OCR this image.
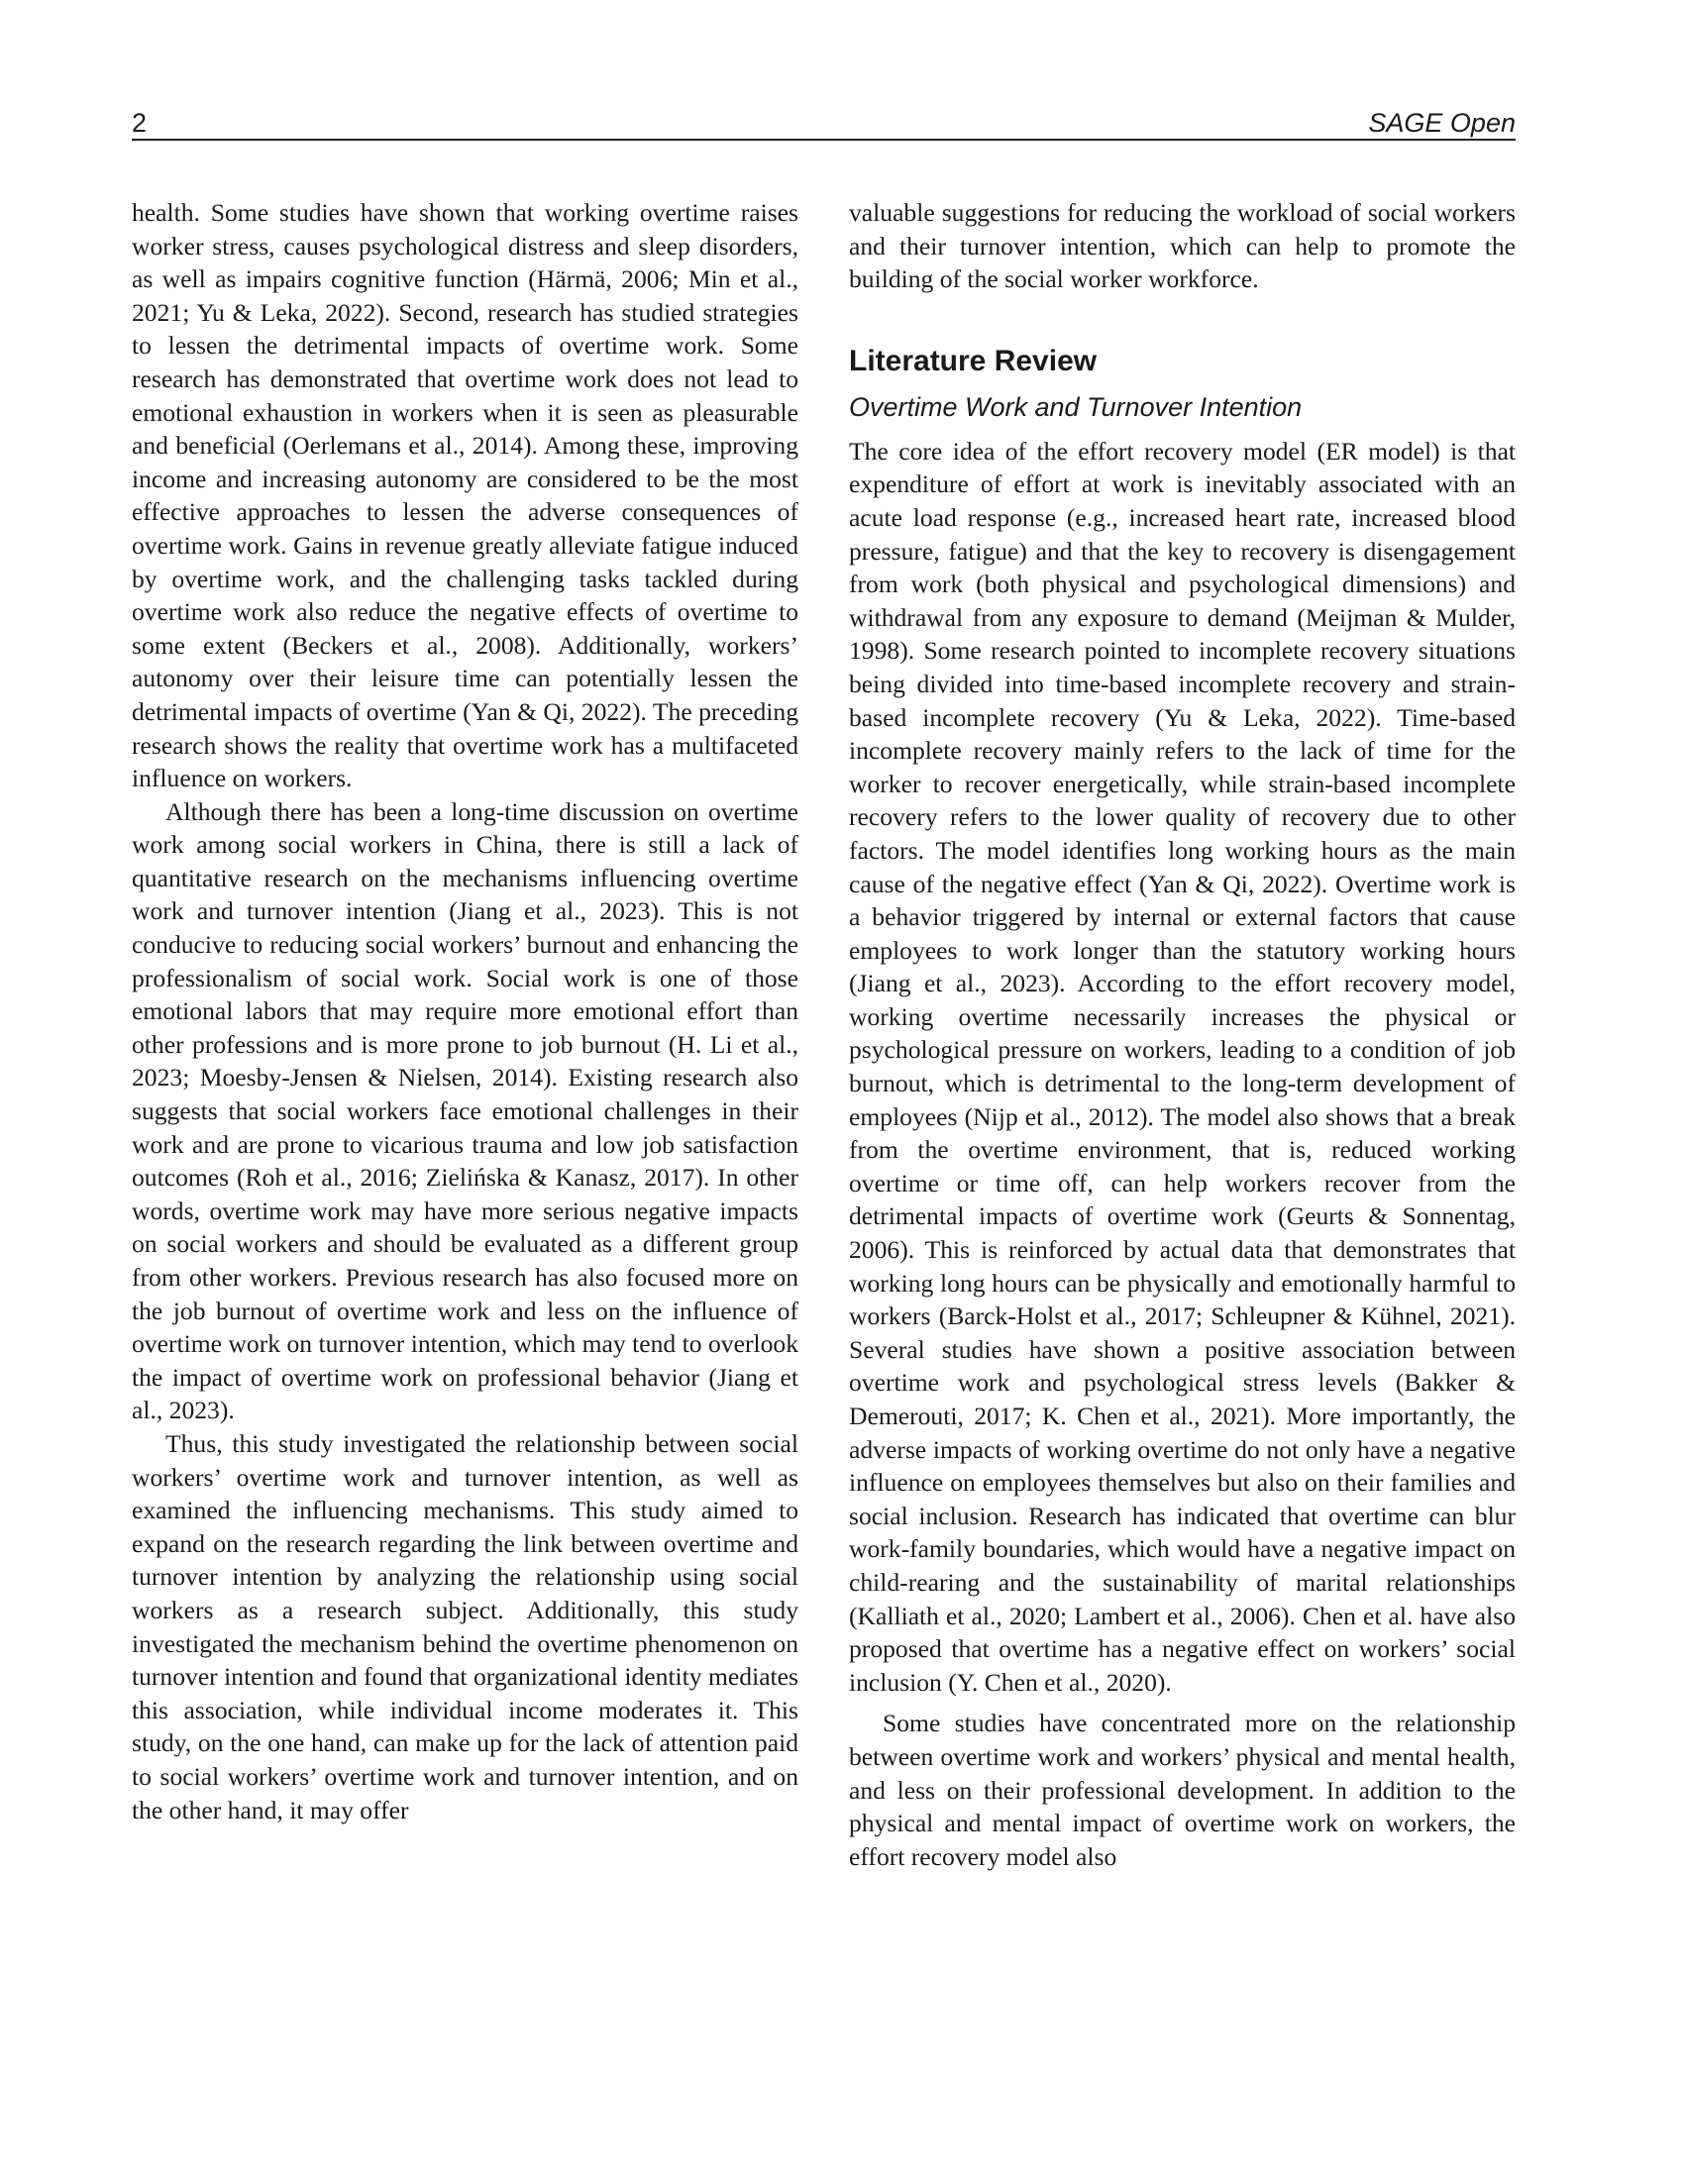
2	SAGE Open

health. Some studies have shown that working overtime raises worker stress, causes psychological distress and sleep disorders, as well as impairs cognitive function (Härmä, 2006; Min et al., 2021; Yu & Leka, 2022). Second, research has studied strategies to lessen the detrimental impacts of overtime work. Some research has demonstrated that overtime work does not lead to emotional exhaustion in workers when it is seen as pleasurable and beneficial (Oerlemans et al., 2014). Among these, improving income and increasing autonomy are considered to be the most effective approaches to lessen the adverse consequences of overtime work. Gains in revenue greatly alleviate fatigue induced by overtime work, and the challenging tasks tackled during overtime work also reduce the negative effects of overtime to some extent (Beckers et al., 2008). Additionally, workers’ autonomy over their leisure time can potentially lessen the detrimental impacts of overtime (Yan & Qi, 2022). The preceding research shows the reality that overtime work has a multifaceted influence on workers.

Although there has been a long-time discussion on overtime work among social workers in China, there is still a lack of quantitative research on the mechanisms influencing overtime work and turnover intention (Jiang et al., 2023). This is not conducive to reducing social workers’ burnout and enhancing the professionalism of social work. Social work is one of those emotional labors that may require more emotional effort than other professions and is more prone to job burnout (H. Li et al., 2023; Moesby-Jensen & Nielsen, 2014). Existing research also suggests that social workers face emotional challenges in their work and are prone to vicarious trauma and low job satisfaction outcomes (Roh et al., 2016; Zielińska & Kanasz, 2017). In other words, overtime work may have more serious negative impacts on social workers and should be evaluated as a different group from other workers. Previous research has also focused more on the job burnout of overtime work and less on the influence of overtime work on turnover intention, which may tend to overlook the impact of overtime work on professional behavior (Jiang et al., 2023).

Thus, this study investigated the relationship between social workers’ overtime work and turnover intention, as well as examined the influencing mechanisms. This study aimed to expand on the research regarding the link between overtime and turnover intention by analyzing the relationship using social workers as a research subject. Additionally, this study investigated the mechanism behind the overtime phenomenon on turnover intention and found that organizational identity mediates this association, while individual income moderates it. This study, on the one hand, can make up for the lack of attention paid to social workers’ overtime work and turnover intention, and on the other hand, it may offer

valuable suggestions for reducing the workload of social workers and their turnover intention, which can help to promote the building of the social worker workforce.

Literature Review
Overtime Work and Turnover Intention

The core idea of the effort recovery model (ER model) is that expenditure of effort at work is inevitably associated with an acute load response (e.g., increased heart rate, increased blood pressure, fatigue) and that the key to recovery is disengagement from work (both physical and psychological dimensions) and withdrawal from any exposure to demand (Meijman & Mulder, 1998). Some research pointed to incomplete recovery situations being divided into time-based incomplete recovery and strain-based incomplete recovery (Yu & Leka, 2022). Time-based incomplete recovery mainly refers to the lack of time for the worker to recover energetically, while strain-based incomplete recovery refers to the lower quality of recovery due to other factors. The model identifies long working hours as the main cause of the negative effect (Yan & Qi, 2022). Overtime work is a behavior triggered by internal or external factors that cause employees to work longer than the statutory working hours (Jiang et al., 2023). According to the effort recovery model, working overtime necessarily increases the physical or psychological pressure on workers, leading to a condition of job burnout, which is detrimental to the long-term development of employees (Nijp et al., 2012). The model also shows that a break from the overtime environment, that is, reduced working overtime or time off, can help workers recover from the detrimental impacts of overtime work (Geurts & Sonnentag, 2006). This is reinforced by actual data that demonstrates that working long hours can be physically and emotionally harmful to workers (Barck-Holst et al., 2017; Schleupner & Kühnel, 2021). Several studies have shown a positive association between overtime work and psychological stress levels (Bakker & Demerouti, 2017; K. Chen et al., 2021). More importantly, the adverse impacts of working overtime do not only have a negative influence on employees themselves but also on their families and social inclusion. Research has indicated that overtime can blur work-family boundaries, which would have a negative impact on child-rearing and the sustainability of marital relationships (Kalliath et al., 2020; Lambert et al., 2006). Chen et al. have also proposed that overtime has a negative effect on workers’ social inclusion (Y. Chen et al., 2020).

Some studies have concentrated more on the relationship between overtime work and workers’ physical and mental health, and less on their professional development. In addition to the physical and mental impact of overtime work on workers, the effort recovery model also
